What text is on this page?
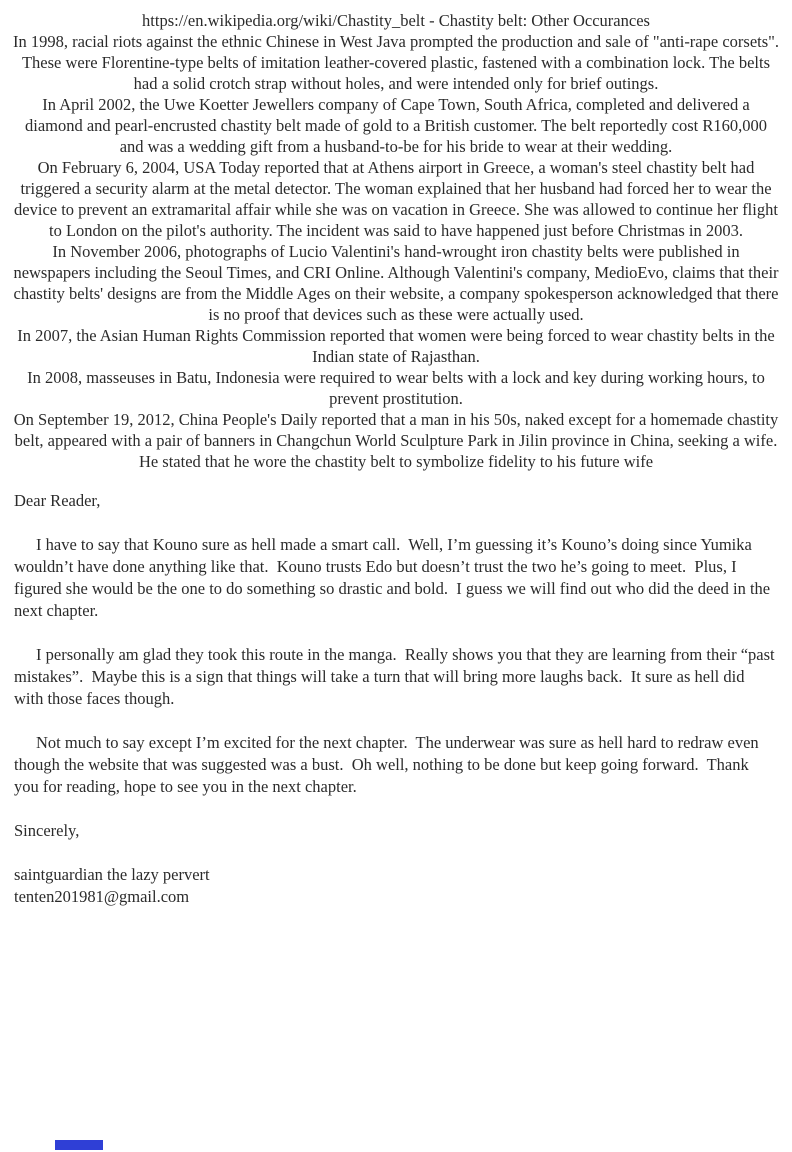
https://en.wikipedia.org/wiki/Chastity_belt - Chastity belt: Other Occurances

In 1998, racial riots against the ethnic Chinese in West Java prompted the production and sale of "anti-rape corsets". These were Florentine-type belts of imitation leather-covered plastic, fastened with a combination lock. The belts had a solid crotch strap without holes, and were intended only for brief outings.

In April 2002, the Uwe Koetter Jewellers company of Cape Town, South Africa, completed and delivered a diamond and pearl-encrusted chastity belt made of gold to a British customer. The belt reportedly cost R160,000 and was a wedding gift from a husband-to-be for his bride to wear at their wedding.

On February 6, 2004, USA Today reported that at Athens airport in Greece, a woman's steel chastity belt had triggered a security alarm at the metal detector. The woman explained that her husband had forced her to wear the device to prevent an extramarital affair while she was on vacation in Greece. She was allowed to continue her flight to London on the pilot's authority. The incident was said to have happened just before Christmas in 2003.

In November 2006, photographs of Lucio Valentini's hand-wrought iron chastity belts were published in newspapers including the Seoul Times, and CRI Online. Although Valentini's company, MedioEvo, claims that their chastity belts' designs are from the Middle Ages on their website, a company spokesperson acknowledged that there is no proof that devices such as these were actually used.

In 2007, the Asian Human Rights Commission reported that women were being forced to wear chastity belts in the Indian state of Rajasthan.

In 2008, masseuses in Batu, Indonesia were required to wear belts with a lock and key during working hours, to prevent prostitution.

On September 19, 2012, China People's Daily reported that a man in his 50s, naked except for a homemade chastity belt, appeared with a pair of banners in Changchun World Sculpture Park in Jilin province in China, seeking a wife. He stated that he wore the chastity belt to symbolize fidelity to his future wife

Dear Reader,

I have to say that Kouno sure as hell made a smart call.  Well, I’m guessing it’s Kouno’s doing since Yumika wouldn’t have done anything like that.  Kouno trusts Edo but doesn’t trust the two he’s going to meet.  Plus, I figured she would be the one to do something so drastic and bold.  I guess we will find out who did the deed in the next chapter.

I personally am glad they took this route in the manga.  Really shows you that they are learning from their “past mistakes”.  Maybe this is a sign that things will take a turn that will bring more laughs back.  It sure as hell did with those faces though.

Not much to say except I’m excited for the next chapter.  The underwear was sure as hell hard to redraw even though the website that was suggested was a bust.  Oh well, nothing to be done but keep going forward.  Thank you for reading, hope to see you in the next chapter.

Sincerely,

saintguardian the lazy pervert

tenten201981@gmail.com
